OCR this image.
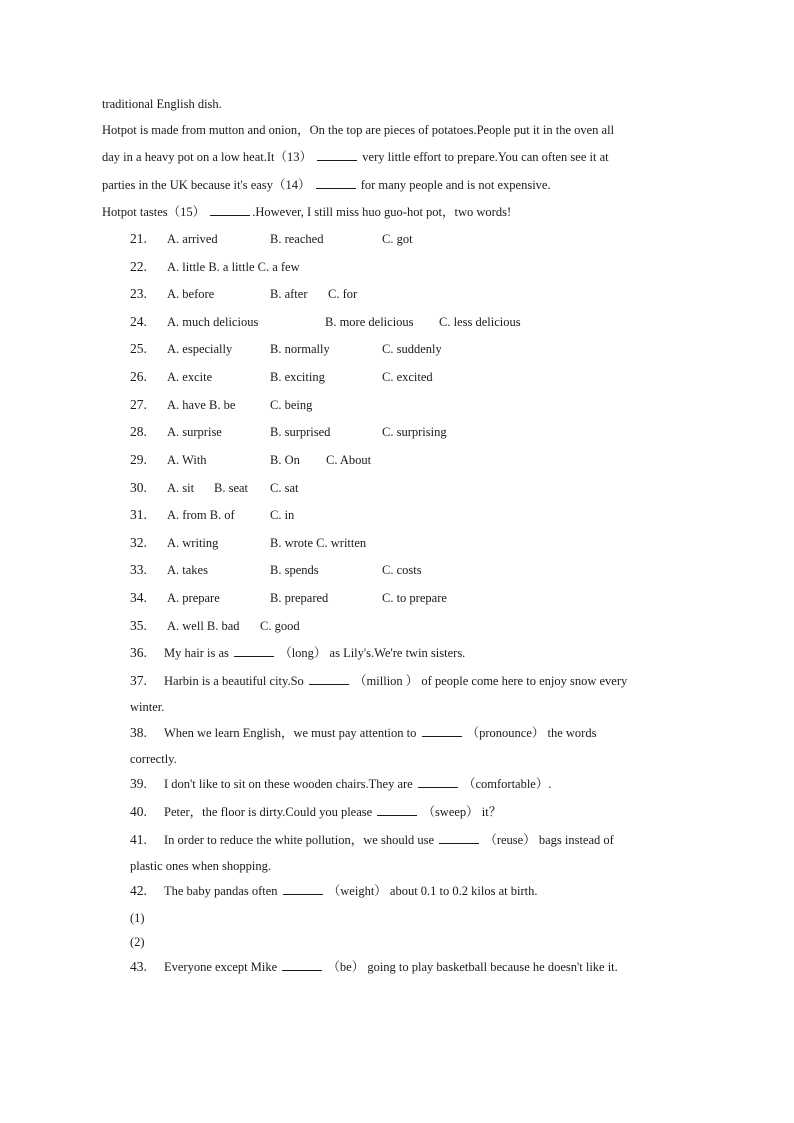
traditional English dish.
Hotpot is made from mutton and onion，On the top are pieces of potatoes.People put it in the oven all
day in a heavy pot on a low heat.It（13）	very little effort to prepare.You can often see it at
parties in the UK because it's easy（14）	for many people and is not expensive.
Hotpot tastes（15）	.However, I still miss huo guo-hot pot，two words!
21. A. arrived	B. reached	C. got
22. A. little B. a little C. a few
23. A. before	B. after C. for
24. A. much delicious	B. more delicious C. less delicious
25. A. especially	B. normally	C. suddenly
26. A. excite	B. exciting	C. excited
27. A. have B. be	C. being
28. A. surprise	B. surprised	C. surprising
29. A. With	B. On C. About
30. A. sit B. seat C. sat
31. A. from B. of	C. in
32. A. writing	B. wrote C. written
33. A. takes	B. spends	C. costs
34. A. prepare	B. prepared	C. to prepare
35. A. well B. bad C. good
36. My hair is as	（long） as Lily's.We're twin sisters.
37. Harbin is a beautiful city.So	（million ） of people come here to enjoy snow every
winter.
38. When we learn English，we must pay attention to	（pronounce） the words
correctly.
39. I don't like to sit on these wooden chairs.They are	（comfortable）.
40. Peter，the floor is dirty.Could you please	（sweep） it？
41. In order to reduce the white pollution，we should use	（reuse） bags instead of
plastic ones when shopping.
42. The baby pandas often	（weight） about 0.1 to 0.2 kilos at birth.
(1)
(2)
43. Everyone except Mike	（be） going to play basketball because he doesn't like it.
